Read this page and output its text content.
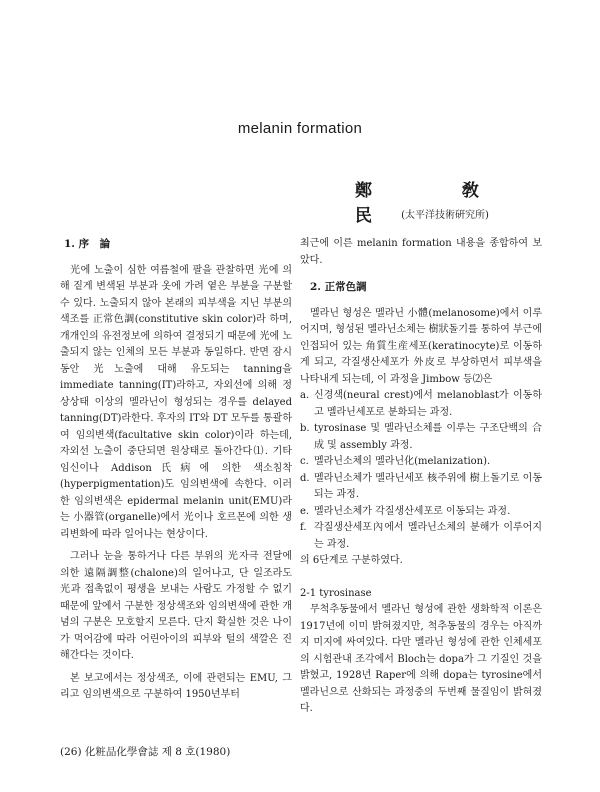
melanin formation
鄭 敎 民
(太平洋技術硏究所)
1. 序　論

光에 노출이 심한 여름철에 팔을 관찰하면 光에 의해 짙게 변색된 부분과 옷에 가려 옅은 부분을 구분할 수 있다. 노출되지 않아 본래의 피부색을 지닌 부분의 색조를 正常色調(constitutive skin color)라 하며, 개개인의 유전정보에 의하여 결정되기 때문에 光에 노출되지 않는 인체의 모든 부분과 동일하다. 반면 잠시 동안 光노출에 대해 유도되는 tanning을 immediate tanning(IT)라하고, 자외선에 의해 정상상태 이상의 멜라닌이 형성되는 경우를 delayed tanning(DT)라한다. 후자의 IT와 DT 모두를 통괄하여 임의변색(facultative skin color)이라 하는데, 자외선 노출이 중단되면 원상태로 돌아간다⑴. 기타 임신이나 Addison氏病에 의한 색소침착(hyperpigmentation)도 임의변색에 속한다. 이러한 임의변색은 epidermal melanin unit(EMU)라는 小器管(organelle)에서 光이나 호르몬에 의한 생리변화에 따라 일어나는 현상이다.

그러나 눈을 통하거나 다른 부위의 光자극 전달에 의한 遠隔調整(chalone)의 일어나고, 단 일조라도 光과 접촉없이 평생을 보내는 사람도 가정할 수 없기 때문에 앞에서 구분한 정상색조와 임의변색에 관한 개념의 구분은 모호할지 모른다. 단지 확실한 것은 나이가 먹어감에 따라 어린아이의 피부와 털의 색깔은 진해간다는 것이다.

본 보고에서는 정상색조, 이에 관련되는 EMU, 그리고 임의변색으로 구분하여 1950년부터

최근에 이른 melanin formation 내용을 종합하여 보았다.

2. 正常色調

멜라닌 형성은 멜라닌 小體(melanosome)에서 이루어지며, 형성된 멜라닌소체는 樹狀돌기를 통하여 부근에 인접되어 있는 角質生産세포(keratinocyte)로 이동하게 되고, 각질생산세포가 外皮로 부상하면서 피부색을 나타내게 되는데, 이 과정을 Jimbow 등⑵은

a. 신경색(neural crest)에서 melanoblast가 이동하고 멜라닌세포로 분화되는 과정.
b. tyrosinase 및 멜라닌소체를 이루는 구조단백의 合成 및 assembly 과정.
c. 멜라닌소체의 멜라닌化(melanization).
d. 멜라닌소체가 멜라닌세포 核주위에 樹上돌기로 이동되는 과정.
e. 멜라닌소체가 각질생산세포로 이동되는 과정.
f. 각질생산세포內에서 멜라닌소체의 분해가 이루어지는 과정.

의 6단계로 구분하였다.

2-1 tyrosinase

무척추동물에서 멜라닌 형성에 관한 생화학적 이론은 1917년에 이미 밝혀졌지만, 척추동물의 경우는 아직까지 미지에 싸여있다. 다만 멜라닌 형성에 관한 인체세포의 시험관내 조각에서 Bloch는 dopa가 그 기질인 것을 밝혔고, 1928년 Raper에 의해 dopa는 tyrosine에서 멜라닌으로 산화되는 과정중의 두번째 물질임이 밝혀졌다.

(26) 化粧品化學會誌 제 8 호(1980)
